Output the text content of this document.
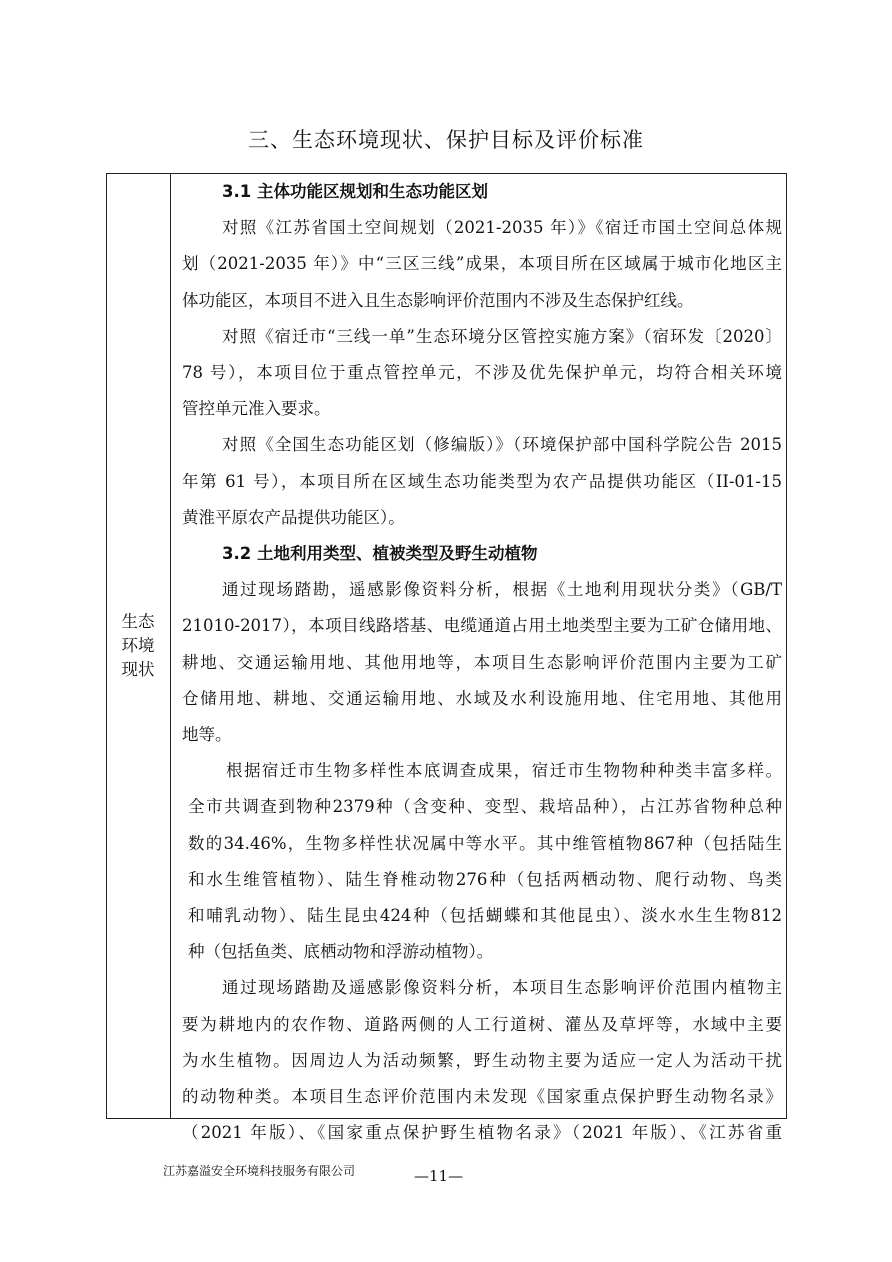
三、生态环境现状、保护目标及评价标准
生态
环境
现状
3.1 主体功能区规划和生态功能区划
对照《江苏省国土空间规划（2021-2035 年）》《宿迁市国土空间总体规
划（2021-2035 年）》中“三区三线”成果，本项目所在区域属于城市化地区主
体功能区，本项目不进入且生态影响评价范围内不涉及生态保护红线。
对照《宿迁市“三线一单”生态环境分区管控实施方案》（宿环发〔2020〕
78 号），本项目位于重点管控单元，不涉及优先保护单元，均符合相关环境
管控单元准入要求。
对照《全国生态功能区划（修编版）》（环境保护部中国科学院公告 2015
年第 61 号），本项目所在区域生态功能类型为农产品提供功能区（II-01-15
黄淮平原农产品提供功能区）。
3.2 土地利用类型、植被类型及野生动植物
通过现场踏勘，遥感影像资料分析，根据《土地利用现状分类》（GB/T
21010-2017），本项目线路塔基、电缆通道占用土地类型主要为工矿仓储用地、
耕地、交通运输用地、其他用地等，本项目生态影响评价范围内主要为工矿
仓储用地、耕地、交通运输用地、水域及水利设施用地、住宅用地、其他用
地等。
根据宿迁市生物多样性本底调查成果，宿迁市生物物种种类丰富多样。
全市共调查到物种2379种（含变种、变型、栽培品种），占江苏省物种总种
数的34.46%，生物多样性状况属中等水平。其中维管植物867种（包括陆生
和水生维管植物）、陆生脊椎动物276种（包括两栖动物、爬行动物、鸟类
和哺乳动物）、陆生昆虫424种（包括蝴蝶和其他昆虫）、淡水水生生物812
种（包括鱼类、底栖动物和浮游动植物）。
通过现场踏勘及遥感影像资料分析，本项目生态影响评价范围内植物主
要为耕地内的农作物、道路两侧的人工行道树、灌丛及草坪等，水域中主要
为水生植物。因周边人为活动频繁，野生动物主要为适应一定人为活动干扰
的动物种类。本项目生态评价范围内未发现《国家重点保护野生动物名录》
（2021 年版）、《国家重点保护野生植物名录》（2021 年版）、《江苏省重
江苏嘉溢安全环境科技服务有限公司	—11—
